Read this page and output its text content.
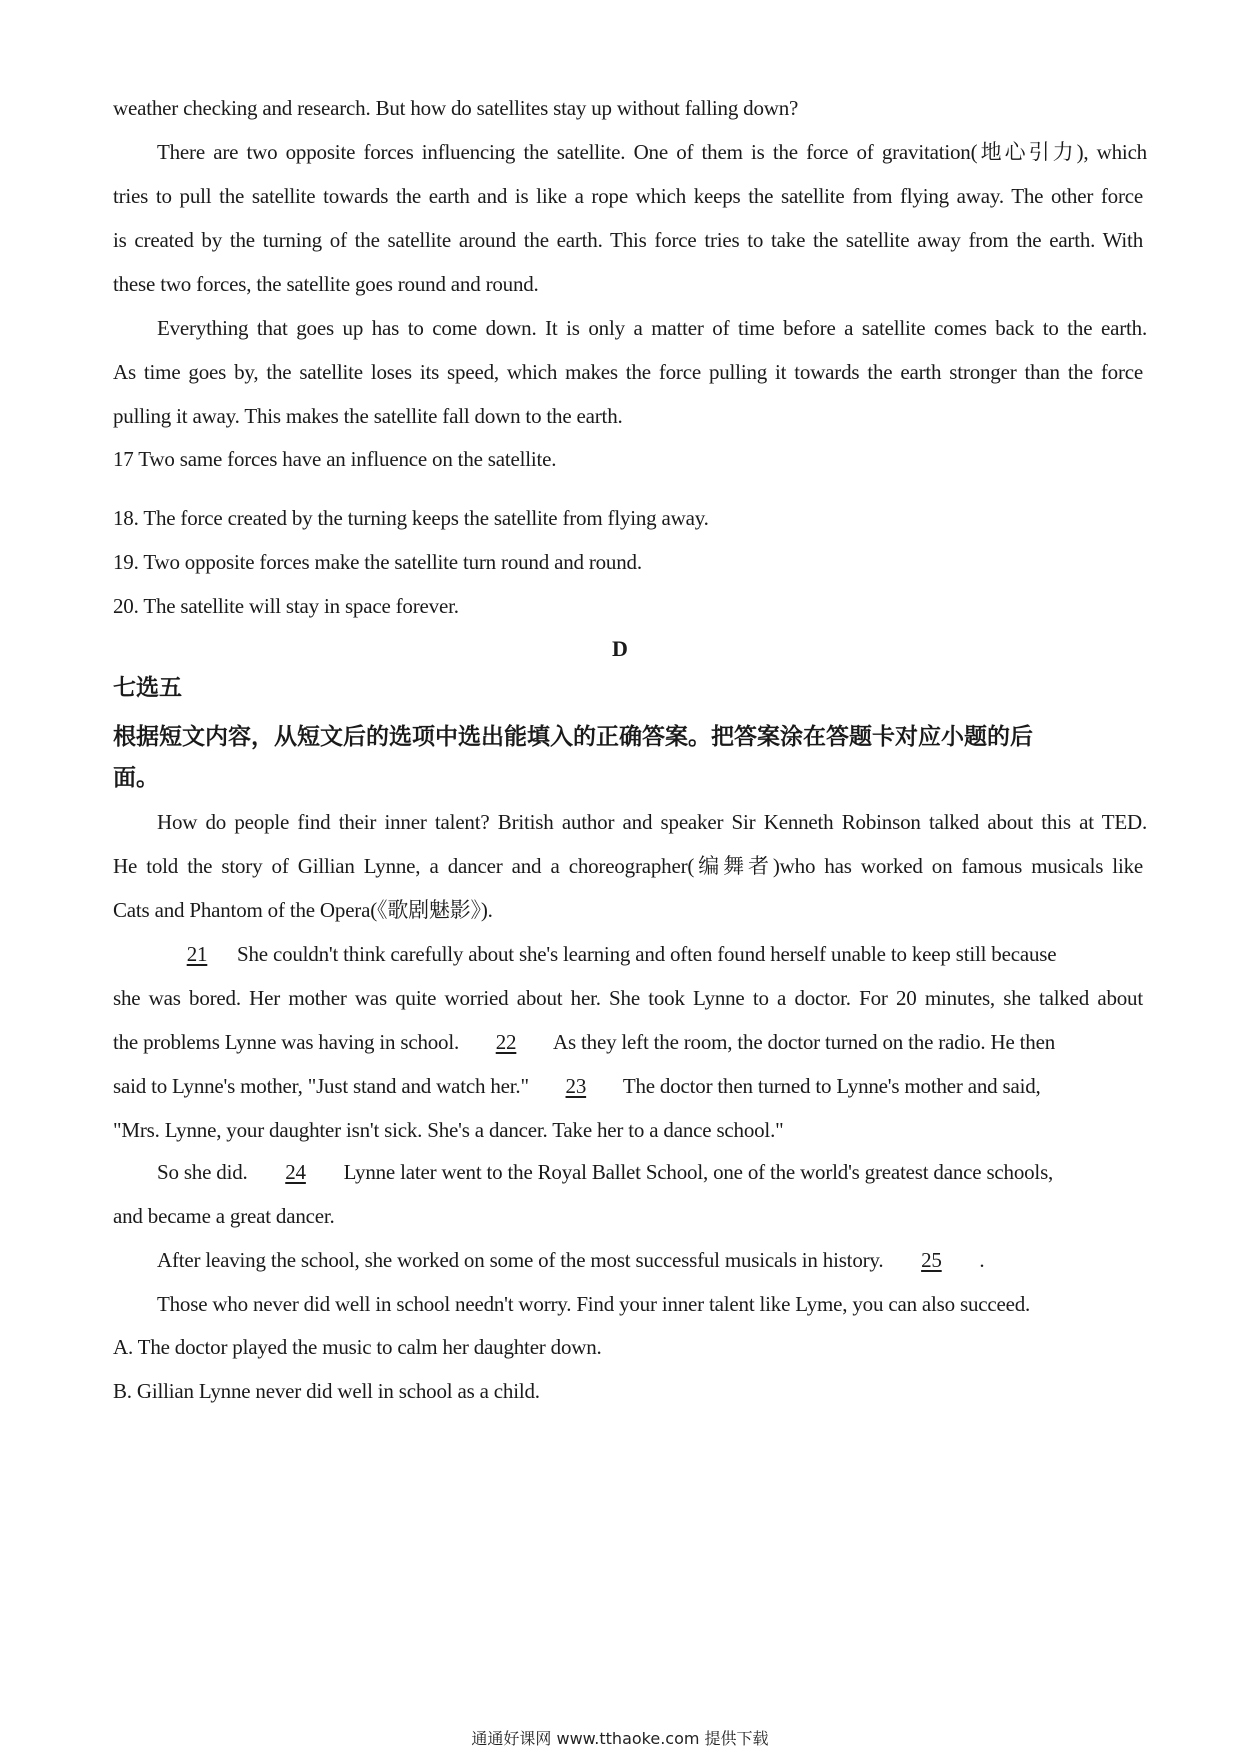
weather checking and research. But how do satellites stay up without falling down?
There are two opposite forces influencing the satellite. One of them is the force of gravitation(地心引力), which
tries to pull the satellite towards the earth and is like a rope which keeps the satellite from flying away. The other force
is created by the turning of the satellite around the earth. This force tries to take the satellite away from the earth. With
these two forces, the satellite goes round and round.
Everything that goes up has to come down. It is only a matter of time before a satellite comes back to the earth.
As time goes by, the satellite loses its speed, which makes the force pulling it towards the earth stronger than the force
pulling it away. This makes the satellite fall down to the earth.
17 Two same forces have an influence on the satellite.
18. The force created by the turning keeps the satellite from flying away.
19. Two opposite forces make the satellite turn round and round.
20. The satellite will stay in space forever.
D
七选五
根据短文内容，从短文后的选项中选出能填入的正确答案。把答案涂在答题卡对应小题的后
面。
How do people find their inner talent? British author and speaker Sir Kenneth Robinson talked about this at TED.
He told the story of Gillian Lynne, a dancer and a choreographer(编舞者)who has worked on famous musicals like
Cats and Phantom of the Opera(《歌剧魅影》).
21 She couldn't think carefully about she's learning and often found herself unable to keep still because
she was bored. Her mother was quite worried about her. She took Lynne to a doctor. For 20 minutes, she talked about
the problems Lynne was having in school. 22 As they left the room, the doctor turned on the radio. He then
said to Lynne's mother, "Just stand and watch her." 23 The doctor then turned to Lynne's mother and said,
"Mrs. Lynne, your daughter isn't sick. She's a dancer. Take her to a dance school."
So she did. 24 Lynne later went to the Royal Ballet School, one of the world's greatest dance schools,
and became a great dancer.
After leaving the school, she worked on some of the most successful musicals in history. 25 .
Those who never did well in school needn't worry. Find your inner talent like Lyme, you can also succeed.
A. The doctor played the music to calm her daughter down.
B. Gillian Lynne never did well in school as a child.
通通好课网 www.tthaoke.com 提供下载
